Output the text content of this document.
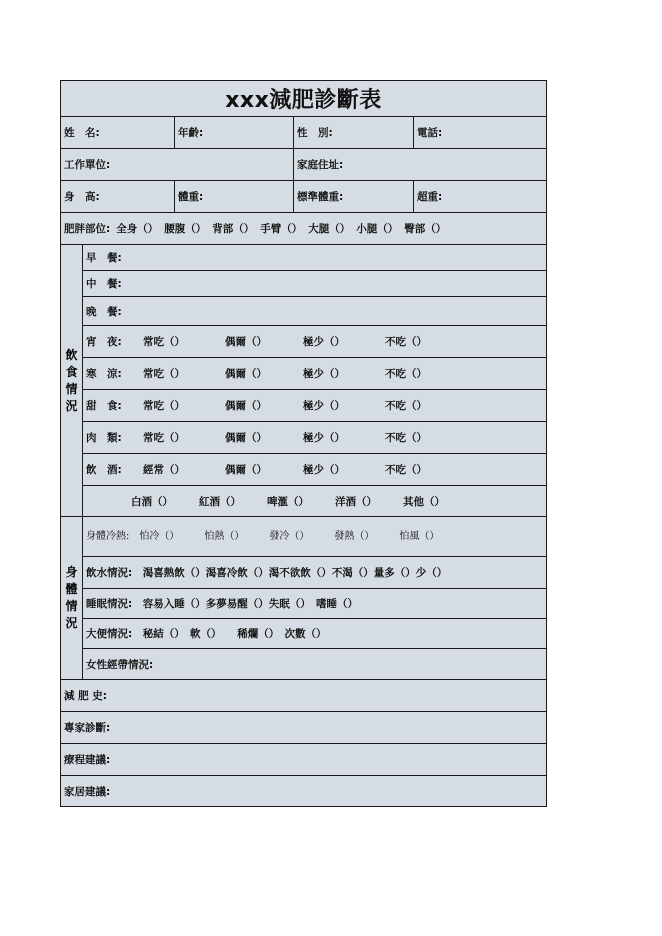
xxx減肥診斷表
姓　名:	年齡:	性　別:	電話:
工作單位:	家庭住址:
身　高:	體重:	標準體重:	超重:
肥胖部位: 全身（） 腰腹（） 背部（） 手臂（） 大腿（） 小腿（） 臀部（）
飲
食
情
況
早　餐:
中　餐:
晚　餐:
宵　夜:	常吃（）	偶爾（）	極少（）	不吃（）
寒　涼:	常吃（）	偶爾（）	極少（）	不吃（）
甜　食:	常吃（）	偶爾（）	極少（）	不吃（）
肉　類:	常吃（）	偶爾（）	極少（）	不吃（）
飲　酒:	經常（）	偶爾（）	極少（）	不吃（）
白酒（） 紅酒（） 啤滙（） 洋酒（） 其他（）
身
體
情
況
身體冷熱:　怕冷（）　　　怕熱（）　　　發冷（）　　　發熱（）　　　怕風（）
飲水情況:　渴喜熱飲（）渴喜冷飲（）渴不欲飲（）不渴（）量多（）少（）
睡眠情況:　容易入睡（）多夢易醒（）失眠（）　嗜睡（）
大便情況:　秘結（）　軟（）　　稀爛（）　次數（）
女性經帶情況:
減 肥 史:
專家診斷:
療程建議:
家居建議:
